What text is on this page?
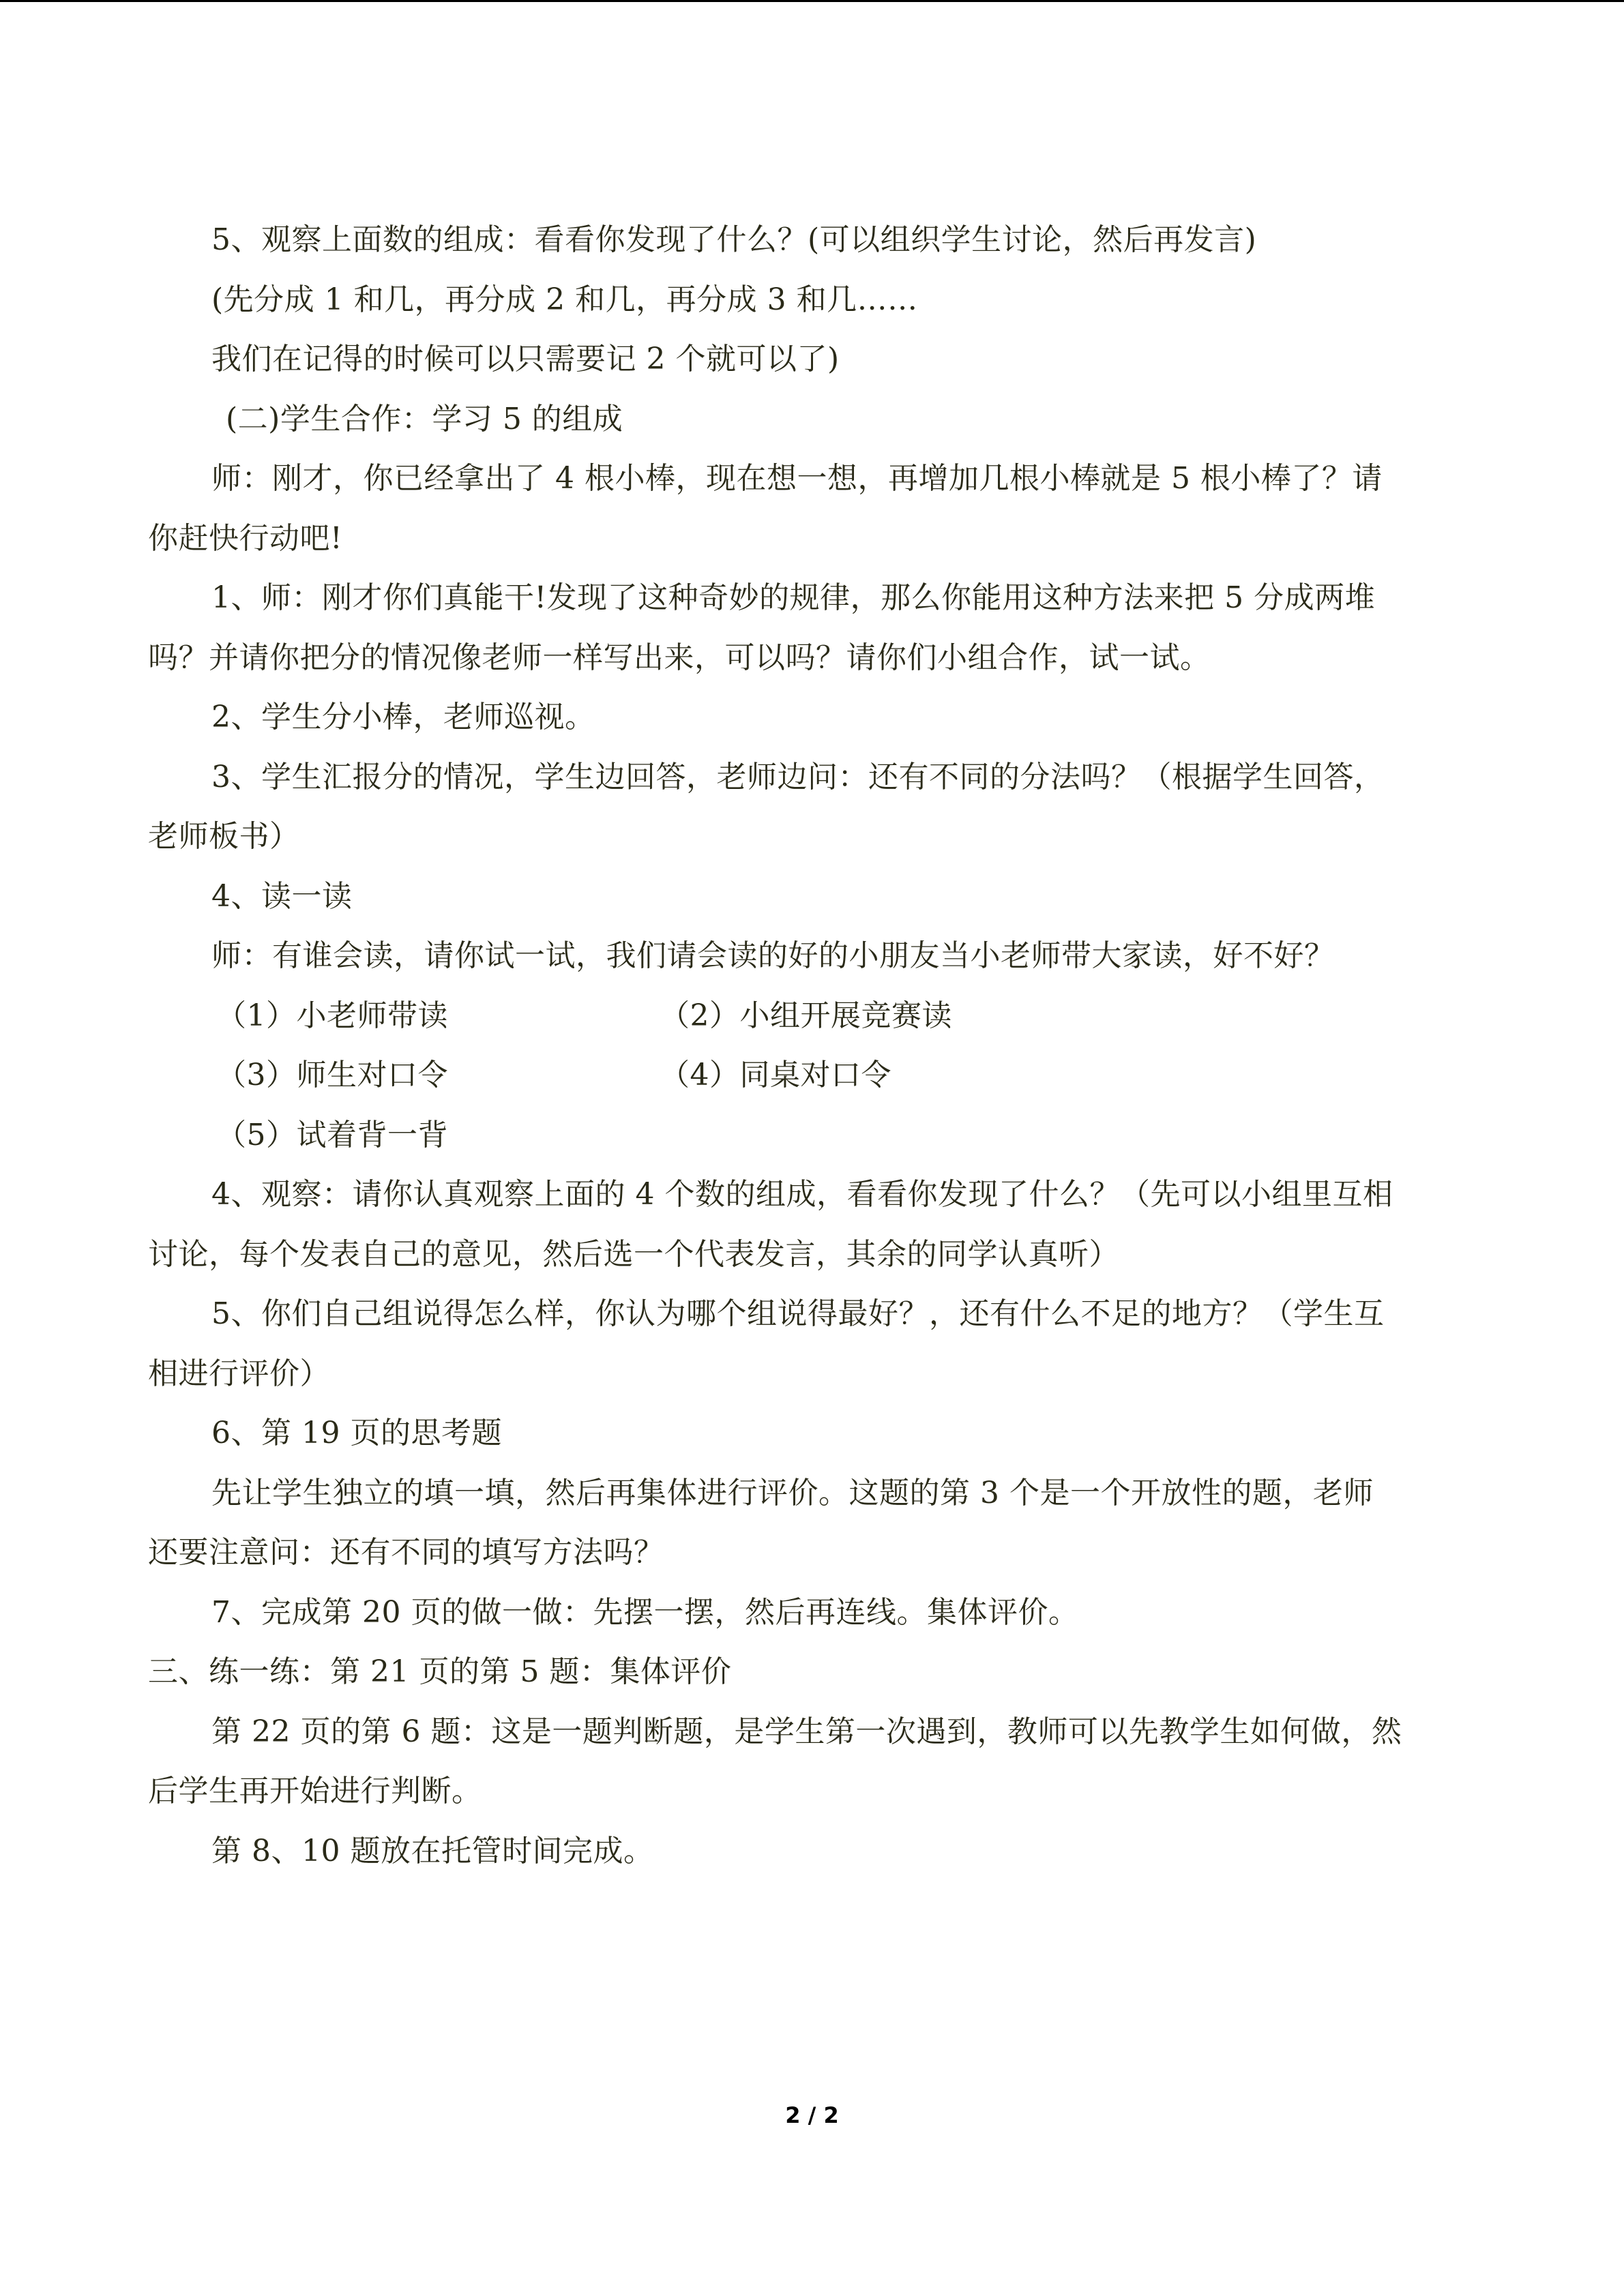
5、观察上面数的组成：看看你发现了什么？(可以组织学生讨论，然后再发言)
(先分成 1 和几，再分成 2 和几，再分成 3 和几……
我们在记得的时候可以只需要记 2 个就可以了)
(二)学生合作：学习 5 的组成
师：刚才，你已经拿出了 4 根小棒，现在想一想，再增加几根小棒就是 5 根小棒了？请
你赶快行动吧!
1、师：刚才你们真能干!发现了这种奇妙的规律，那么你能用这种方法来把 5 分成两堆
吗？并请你把分的情况像老师一样写出来，可以吗？请你们小组合作，试一试。
2、学生分小棒，老师巡视。
3、学生汇报分的情况，学生边回答，老师边问：还有不同的分法吗？（根据学生回答，
老师板书）
4、读一读
师：有谁会读，请你试一试，我们请会读的好的小朋友当小老师带大家读，好不好？
（1）小老师带读	（2）小组开展竞赛读
（3）师生对口令	（4）同桌对口令
（5）试着背一背
4、观察：请你认真观察上面的 4 个数的组成，看看你发现了什么？（先可以小组里互相
讨论，每个发表自己的意见，然后选一个代表发言，其余的同学认真听）
5、你们自己组说得怎么样，你认为哪个组说得最好？，还有什么不足的地方？（学生互
相进行评价）
6、第 19 页的思考题
先让学生独立的填一填，然后再集体进行评价。这题的第 3 个是一个开放性的题，老师
还要注意问：还有不同的填写方法吗？
7、完成第 20 页的做一做：先摆一摆，然后再连线。集体评价。
三、练一练：第 21 页的第 5 题：集体评价
第 22 页的第 6 题：这是一题判断题，是学生第一次遇到，教师可以先教学生如何做，然
后学生再开始进行判断。
第 8、10 题放在托管时间完成。
2 / 2
